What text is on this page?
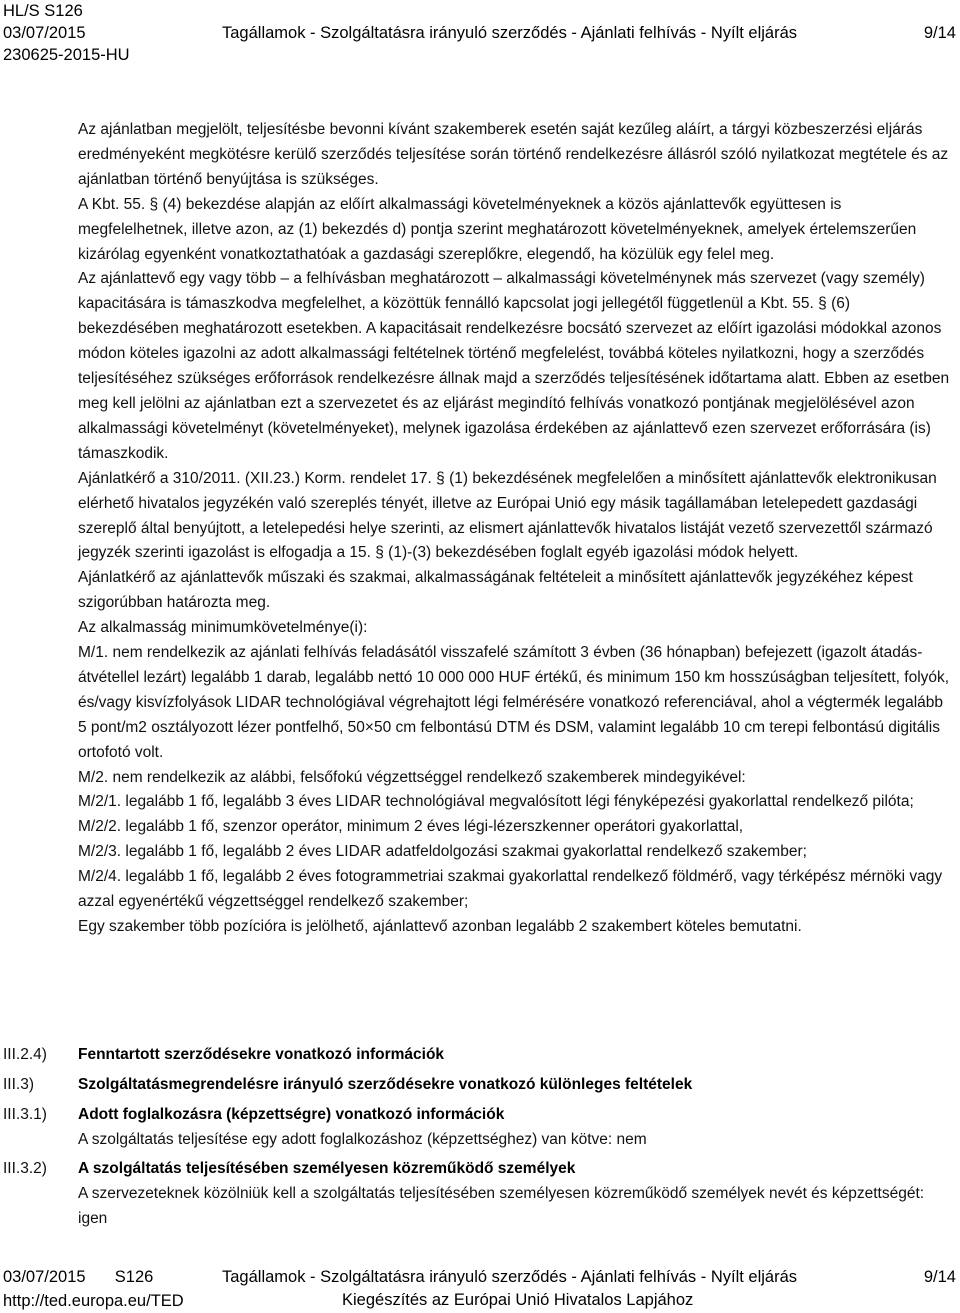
HL/S S126
03/07/2015
230625-2015-HU
Tagállamok - Szolgáltatásra irányuló szerződés - Ajánlati felhívás - Nyílt eljárás	9/14

Az ajánlatban megjelölt, teljesítésbe bevonni kívánt szakemberek esetén saját kezűleg aláírt, a tárgyi közbeszerzési eljárás eredményeként megkötésre kerülő szerződés teljesítése során történő rendelkezésre állásról szóló nyilatkozat megtétele és az ajánlatban történő benyújtása is szükséges.

A Kbt. 55. § (4) bekezdése alapján az előírt alkalmassági követelményeknek a közös ajánlattevők együttesen is megfelelhetnek, illetve azon, az (1) bekezdés d) pontja szerint meghatározott követelményeknek, amelyek értelemszerűen kizárólag egyenként vonatkoztathatóak a gazdasági szereplőkre, elegendő, ha közülük egy felel meg.

Az ajánlattevő egy vagy több – a felhívásban meghatározott – alkalmassági követelménynek más szervezet (vagy személy) kapacitására is támaszkodva megfelelhet, a közöttük fennálló kapcsolat jogi jellegétől függetlenül a Kbt. 55. § (6) bekezdésében meghatározott esetekben. A kapacitásait rendelkezésre bocsátó szervezet az előírt igazolási módokkal azonos módon köteles igazolni az adott alkalmassági feltételnek történő megfelelést, továbbá köteles nyilatkozni, hogy a szerződés teljesítéséhez szükséges erőforrások rendelkezésre állnak majd a szerződés teljesítésének időtartama alatt. Ebben az esetben meg kell jelölni az ajánlatban ezt a szervezetet és az eljárást megindító felhívás vonatkozó pontjának megjelölésével azon alkalmassági követelményt (követelményeket), melynek igazolása érdekében az ajánlattevő ezen szervezet erőforrására (is) támaszkodik.

Ajánlatkérő a 310/2011. (XII.23.) Korm. rendelet 17. § (1) bekezdésének megfelelően a minősített ajánlattevők elektronikusan elérhető hivatalos jegyzékén való szereplés tényét, illetve az Európai Unió egy másik tagállamában letelepedett gazdasági szereplő által benyújtott, a letelepedési helye szerinti, az elismert ajánlattevők hivatalos listáját vezető szervezettől származó jegyzék szerinti igazolást is elfogadja a 15. § (1)-(3) bekezdésében foglalt egyéb igazolási módok helyett.

Ajánlatkérő az ajánlattevők műszaki és szakmai, alkalmasságának feltételeit a minősített ajánlattevők jegyzékéhez képest szigorúbban határozta meg.

Az alkalmasság minimumkövetelménye(i):

M/1. nem rendelkezik az ajánlati felhívás feladásától visszafelé számított 3 évben (36 hónapban) befejezett (igazolt átadás-átvétellel lezárt) legalább 1 darab, legalább nettó 10 000 000 HUF értékű, és minimum 150 km hosszúságban teljesített, folyók, és/vagy kisvízfolyások LIDAR technológiával végrehajtott légi felmérésére vonatkozó referenciával, ahol a végtermék legalább 5 pont/m2 osztályozott lézer pontfelhő, 50×50 cm felbontású DTM és DSM, valamint legalább 10 cm terepi felbontású digitális ortofotó volt.

M/2. nem rendelkezik az alábbi, felsőfokú végzettséggel rendelkező szakemberek mindegyikével:

M/2/1. legalább 1 fő, legalább 3 éves LIDAR technológiával megvalósított légi fényképezési gyakorlattal rendelkező pilóta;

M/2/2. legalább 1 fő, szenzor operátor, minimum 2 éves légi-lézerszkenner operátori gyakorlattal,

M/2/3. legalább 1 fő, legalább 2 éves LIDAR adatfeldolgozási szakmai gyakorlattal rendelkező szakember;

M/2/4. legalább 1 fő, legalább 2 éves fotogrammetriai szakmai gyakorlattal rendelkező földmérő, vagy térképész mérnöki vagy azzal egyenértékű végzettséggel rendelkező szakember;

Egy szakember több pozícióra is jelölhető, ajánlattevő azonban legalább 2 szakembert köteles bemutatni.

III.2.4) Fenntartott szerződésekre vonatkozó információk

III.3)	Szolgáltatásmegrendelésre irányuló szerződésekre vonatkozó különleges feltételek

III.3.1) Adott foglalkozásra (képzettségre) vonatkozó információk

A szolgáltatás teljesítése egy adott foglalkozáshoz (képzettséghez) van kötve: nem

III.3.2) A szolgáltatás teljesítésében személyesen közreműködő személyek

A szervezeteknek közölniük kell a szolgáltatás teljesítésében személyesen közreműködő személyek nevét és képzettségét: igen

03/07/2015 S126
http://ted.europa.eu/TED
Tagállamok - Szolgáltatásra irányuló szerződés - Ajánlati felhívás - Nyílt eljárás
Kiegészítés az Európai Unió Hivatalos Lapjához
9/14
